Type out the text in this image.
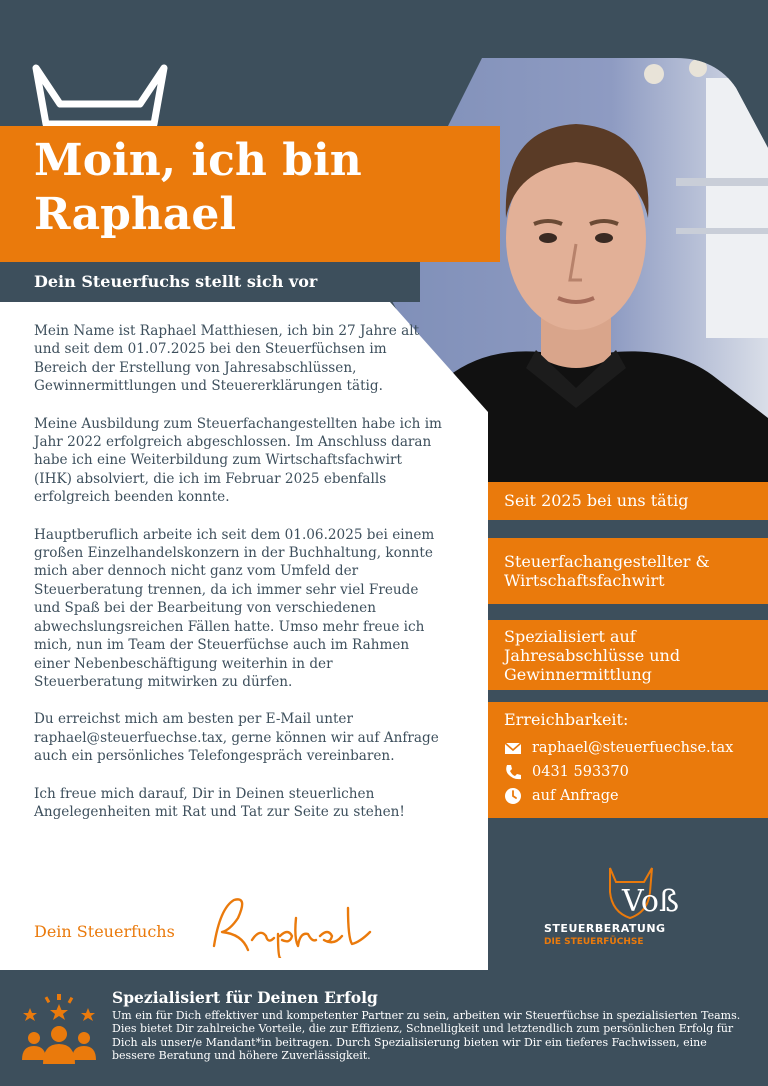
Moin, ich bin Raphael
Dein Steuerfuchs stellt sich vor

Mein Name ist Raphael Matthiesen, ich bin 27 Jahre alt und seit dem 01.07.2025 bei den Steuerfüchsen im Bereich der Erstellung von Jahresabschlüssen, Gewinnermittlungen und Steuererklärungen tätig.

Meine Ausbildung zum Steuerfachangestellten habe ich im Jahr 2022 erfolgreich abgeschlossen. Im Anschluss daran habe ich eine Weiterbildung zum Wirtschaftsfachwirt (IHK) absolviert, die ich im Februar 2025 ebenfalls erfolgreich beenden konnte.

Hauptberuflich arbeite ich seit dem 01.06.2025 bei einem großen Einzelhandelskonzern in der Buchhaltung, konnte mich aber dennoch nicht ganz vom Umfeld der Steuerberatung trennen, da ich immer sehr viel Freude und Spaß bei der Bearbeitung von verschiedenen abwechslungsreichen Fällen hatte. Umso mehr freue ich mich, nun im Team der Steuerfüchse auch im Rahmen einer Nebenbeschäftigung weiterhin in der Steuerberatung mitwirken zu dürfen.

Du erreichst mich am besten per E-Mail unter raphael@steuerfuechse.tax, gerne können wir auf Anfrage auch ein persönliches Telefongespräch vereinbaren.

Ich freue mich darauf, Dir in Deinen steuerlichen Angelegenheiten mit Rat und Tat zur Seite zu stehen!

Dein Steuerfuchs
Seit 2025 bei uns tätig
Steuerfachangestellter & Wirtschaftsfachwirt
Spezialisiert auf Jahresabschlüsse und Gewinnermittlung
Erreichbarkeit:
raphael@steuerfuechse.tax
0431 593370
auf Anfrage
Voß
STEUERBERATUNG
DIE STEUERFÜCHSE
Spezialisiert für Deinen Erfolg
Um ein für Dich effektiver und kompetenter Partner zu sein, arbeiten wir Steuerfüchse in spezialisierten Teams. Dies bietet Dir zahlreiche Vorteile, die zur Effizienz, Schnelligkeit und letztendlich zum persönlichen Erfolg für Dich als unser/e Mandant*in beitragen. Durch Spezialisierung bieten wir Dir ein tieferes Fachwissen, eine bessere Beratung und höhere Zuverlässigkeit.
